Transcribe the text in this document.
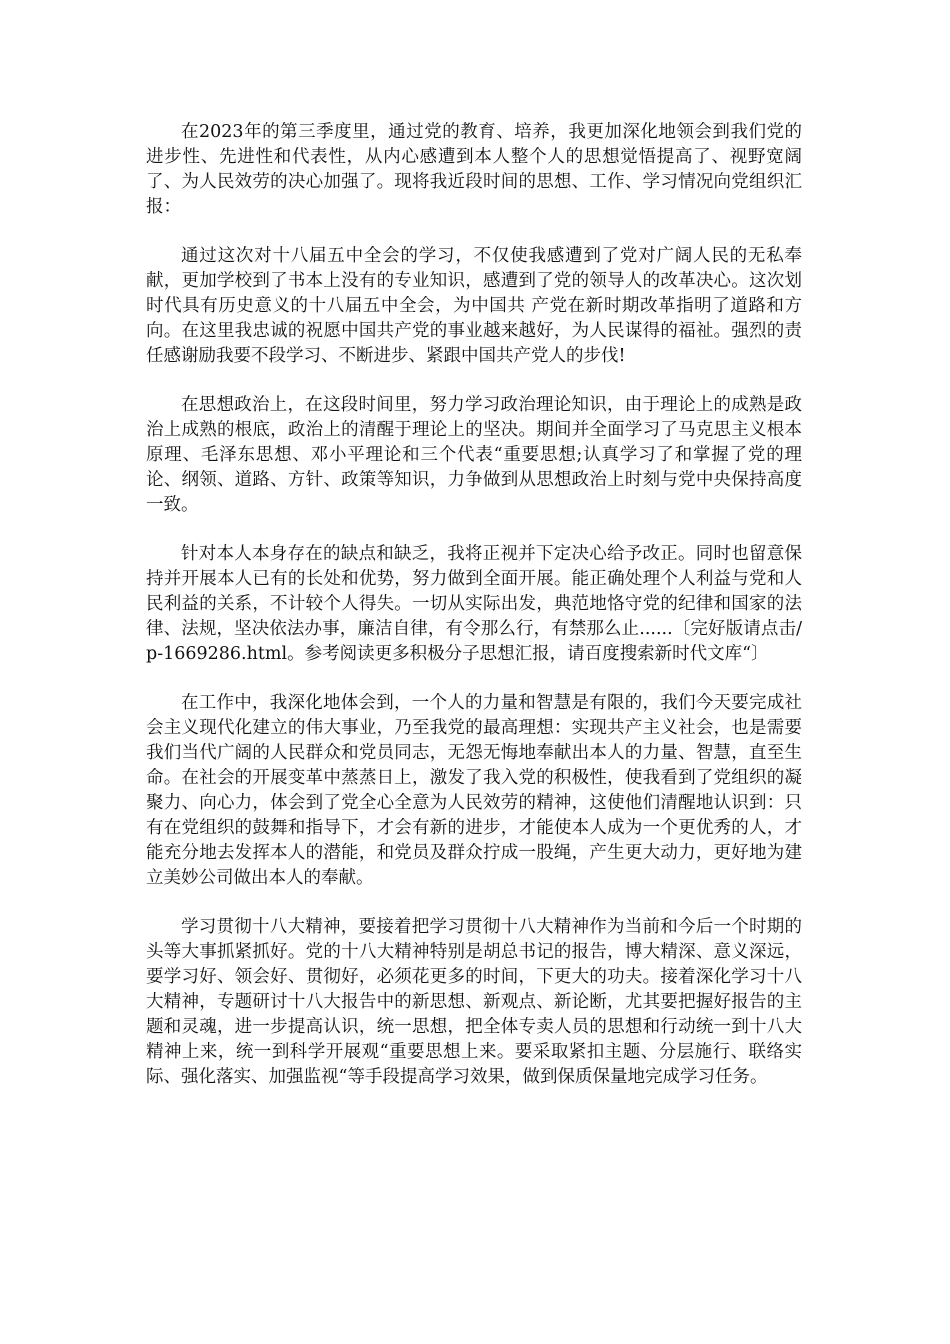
在2023年的第三季度里，通过党的教育、培养，我更加深化地领会到我们党的进步性、先进性和代表性，从内心感遭到本人整个人的思想觉悟提高了、视野宽阔了、为人民效劳的决心加强了。现将我近段时间的思想、工作、学习情况向党组织汇报：

通过这次对十八届五中全会的学习，不仅使我感遭到了党对广阔人民的无私奉献，更加学校到了书本上没有的专业知识，感遭到了党的领导人的改革决心。这次划时代具有历史意义的十八届五中全会，为中国共 产党在新时期改革指明了道路和方向。在这里我忠诚的祝愿中国共产党的事业越来越好，为人民谋得的福祉。强烈的责任感谢励我要不段学习、不断进步、紧跟中国共产党人的步伐!

在思想政治上，在这段时间里，努力学习政治理论知识，由于理论上的成熟是政治上成熟的根底，政治上的清醒于理论上的坚决。期间并全面学习了马克思主义根本原理、毛泽东思想、邓小平理论和三个代表“重要思想;认真学习了和掌握了党的理论、纲领、道路、方针、政策等知识，力争做到从思想政治上时刻与党中央保持高度一致。

针对本人本身存在的缺点和缺乏，我将正视并下定决心给予改正。同时也留意保持并开展本人已有的长处和优势，努力做到全面开展。能正确处理个人利益与党和人民利益的关系，不计较个人得失。一切从实际出发，典范地恪守党的纪律和国家的法律、法规，坚决依法办事，廉洁自律，有令那么行，有禁那么止......〔完好版请点击/p-1669286.html。参考阅读更多积极分子思想汇报，请百度搜索新时代文库“〕

在工作中，我深化地体会到，一个人的力量和智慧是有限的，我们今天要完成社会主义现代化建立的伟大事业，乃至我党的最高理想：实现共产主义社会，也是需要我们当代广阔的人民群众和党员同志，无怨无悔地奉献出本人的力量、智慧，直至生命。在社会的开展变革中蒸蒸日上，激发了我入党的积极性，使我看到了党组织的凝聚力、向心力，体会到了党全心全意为人民效劳的精神，这使他们清醒地认识到：只有在党组织的鼓舞和指导下，才会有新的进步，才能使本人成为一个更优秀的人，才能充分地去发挥本人的潜能，和党员及群众拧成一股绳，产生更大动力，更好地为建立美妙公司做出本人的奉献。

学习贯彻十八大精神，要接着把学习贯彻十八大精神作为当前和今后一个时期的头等大事抓紧抓好。党的十八大精神特别是胡总书记的报告，博大精深、意义深远，要学习好、领会好、贯彻好，必须花更多的时间，下更大的功夫。接着深化学习十八大精神，专题研讨十八大报告中的新思想、新观点、新论断，尤其要把握好报告的主题和灵魂，进一步提高认识，统一思想，把全体专卖人员的思想和行动统一到十八大精神上来，统一到科学开展观“重要思想上来。要采取紧扣主题、分层施行、联络实际、强化落实、加强监视“等手段提高学习效果，做到保质保量地完成学习任务。
